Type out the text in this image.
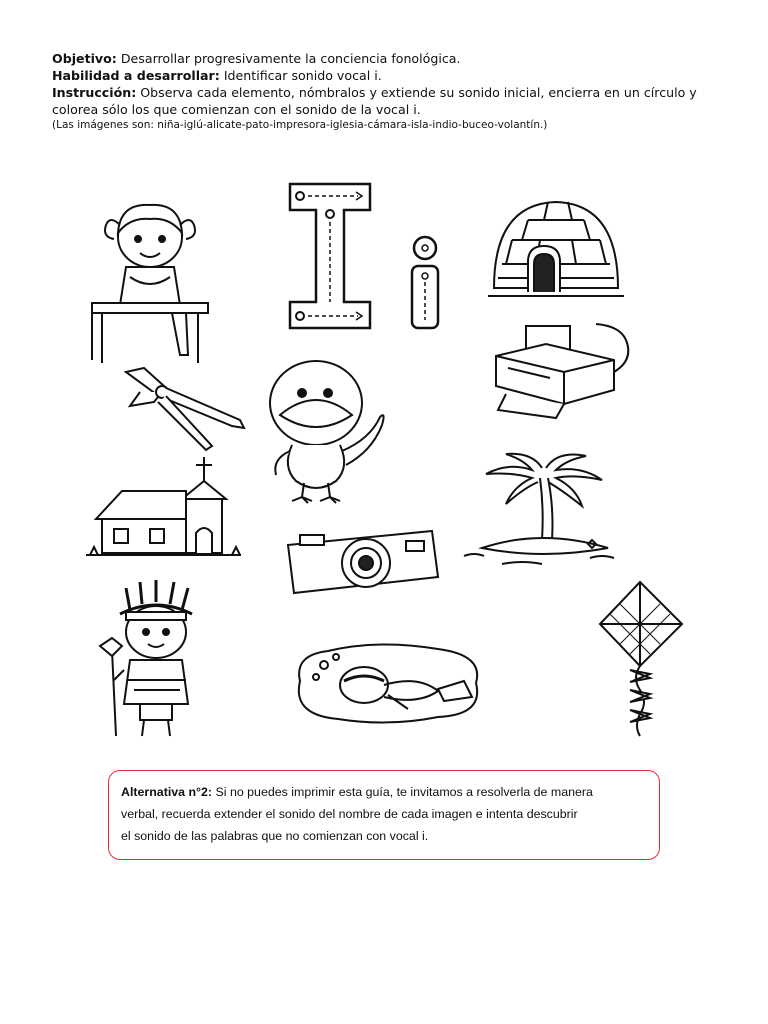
Objetivo: Desarrollar progresivamente la conciencia fonológica.
Habilidad a desarrollar: Identificar sonido vocal i.
Instrucción: Observa cada elemento, nómbralos y extiende su sonido inicial, encierra en un círculo y
colorea sólo los que comienzan con el sonido de la vocal i.
(Las imágenes son: niña-iglú-alicate-pato-impresora-iglesia-cámara-isla-indio-buceo-volantín.)
Alternativa n°2: Si no puedes imprimir esta guía, te invitamos a resolverla de manera
verbal, recuerda extender el sonido del nombre de cada imagen e intenta descubrir
el sonido de las palabras que no comienzan con vocal i.
